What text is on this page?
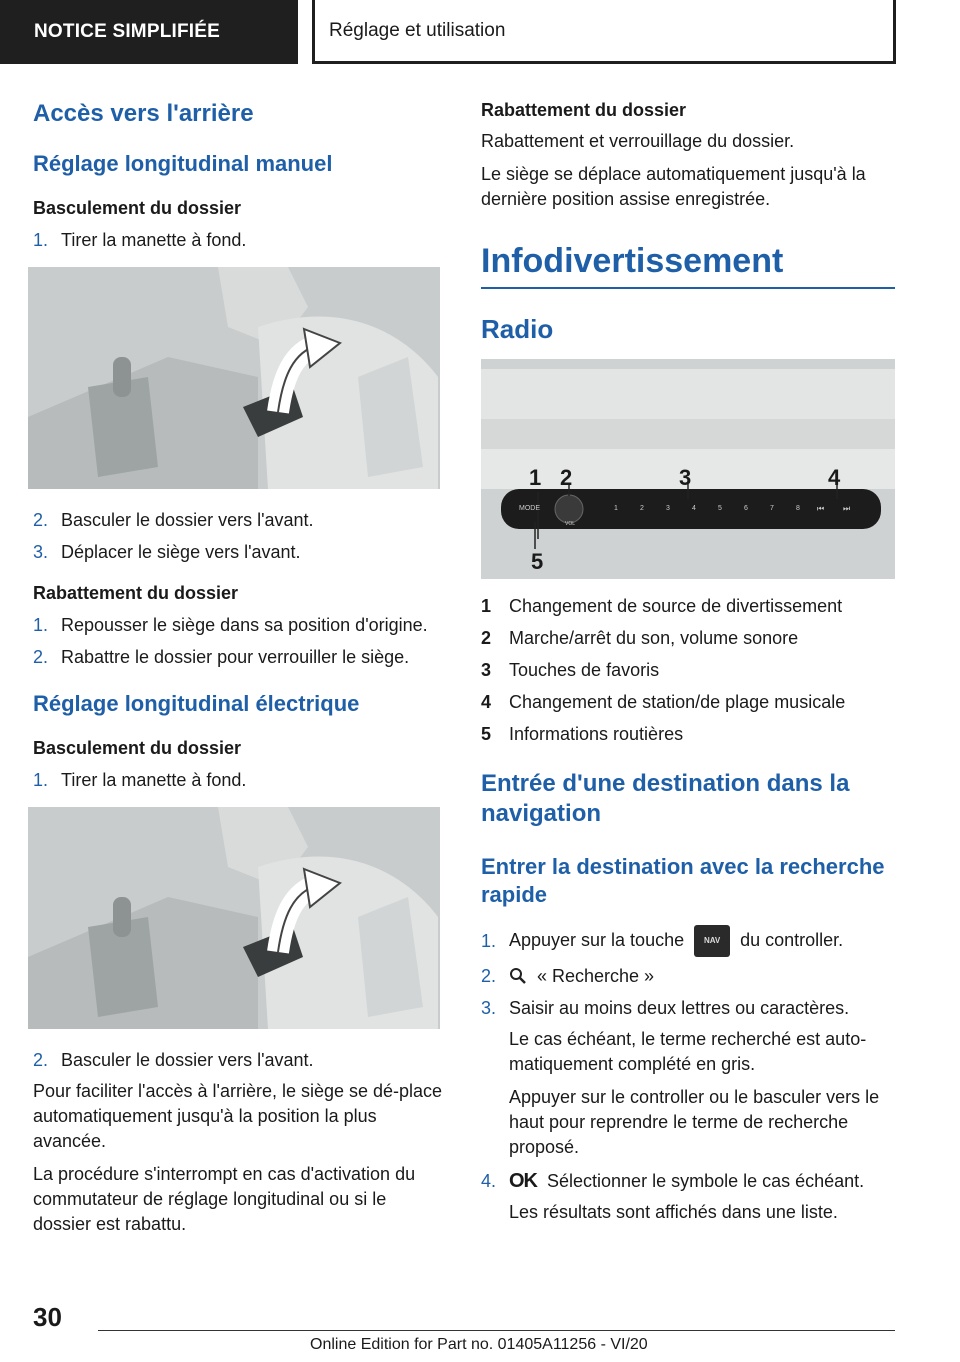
NOTICE SIMPLIFIÉE	Réglage et utilisation
Accès vers l'arrière
Réglage longitudinal manuel
Basculement du dossier
1. Tirer la manette à fond.
2. Basculer le dossier vers l'avant.
3. Déplacer le siège vers l'avant.
Rabattement du dossier
1. Repousser le siège dans sa position d'origine.
2. Rabattre le dossier pour verrouiller le siège.
Réglage longitudinal électrique
Basculement du dossier
1. Tirer la manette à fond.
2. Basculer le dossier vers l'avant.
Pour faciliter l'accès à l'arrière, le siège se dé-place automatiquement jusqu'à la position la plus avancée.
La procédure s'interrompt en cas d'activation du commutateur de réglage longitudinal ou si le dossier est rabattu.
Rabattement du dossier
Rabattement et verrouillage du dossier.
Le siège se déplace automatiquement jusqu'à la dernière position assise enregistrée.
Infodivertissement
Radio
1 2	3	4
5
MODE
VOL
1	2	3	4	5	6	7	8 ⏮ ⏭
1 Changement de source de divertissement
2 Marche/arrêt du son, volume sonore
3 Touches de favoris
4 Changement de station/de plage musicale
5 Informations routières
Entrée d'une destination dans la navigation
Entrer la destination avec la recherche rapide
1. Appuyer sur la touche NAV du controller.
2.	« Recherche »
3. Saisir au moins deux lettres ou caractères.
Le cas échéant, le terme recherché est auto-matiquement complété en gris.
Appuyer sur le controller ou le basculer vers le haut pour reprendre le terme de recherche proposé.
4. OK Sélectionner le symbole le cas échéant.
Les résultats sont affichés dans une liste.
30
Online Edition for Part no. 01405A11256 - VI/20
